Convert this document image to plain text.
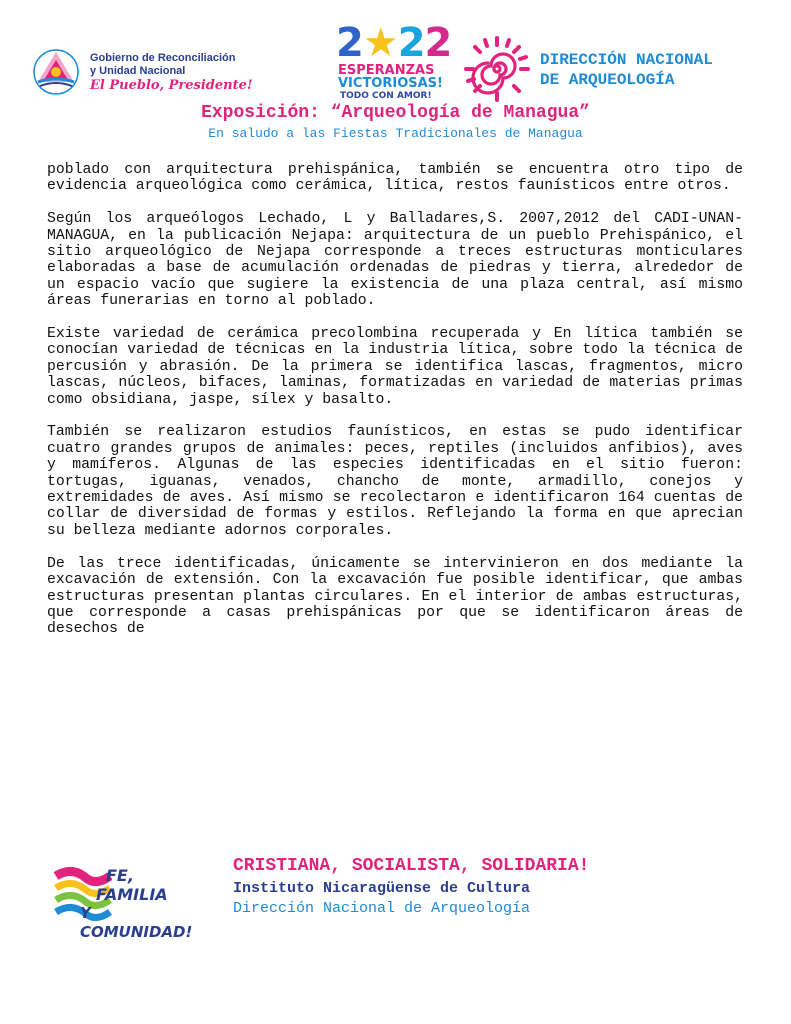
Gobierno de Reconciliación
y Unidad Nacional
El Pueblo, Presidente!
2★22
ESPERANZAS
VICTORIOSAS!
TODO CON AMOR!
DIRECCIÓN NACIONAL
DE ARQUEOLOGÍA
Exposición: “Arqueología de Managua”
En saludo a las Fiestas Tradicionales de Managua

poblado con arquitectura prehispánica, también se encuentra otro tipo de evidencia arqueológica como cerámica, lítica, restos faunísticos entre otros.

Según los arqueólogos Lechado, L y Balladares,S. 2007,2012 del CADI-UNAN-MANAGUA, en la publicación Nejapa: arquitectura de un pueblo Prehispánico, el sitio arqueológico de Nejapa corresponde a treces estructuras monticulares elaboradas a base de acumulación ordenadas de piedras y tierra, alrededor de un espacio vacío que sugiere la existencia de una plaza central, así mismo áreas funerarias en torno al poblado.

Existe variedad de cerámica precolombina recuperada y En lítica también se conocían variedad de técnicas en la industria lítica, sobre todo la técnica de percusión y abrasión. De la primera se identifica lascas, fragmentos, micro lascas, núcleos, bifaces, laminas, formatizadas en variedad de materias primas como obsidiana, jaspe, sílex y basalto.

También se realizaron estudios faunísticos, en estas se pudo identificar cuatro grandes grupos de animales: peces, reptiles (incluidos anfibios), aves y mamíferos. Algunas de las especies identificadas en el sitio fueron: tortugas, iguanas, venados, chancho de monte, armadillo, conejos y extremidades de aves. Así mismo se recolectaron e identificaron 164 cuentas de collar de diversidad de formas y estilos. Reflejando la forma en que aprecian su belleza mediante adornos corporales.

De las trece identificadas, únicamente se intervinieron en dos mediante la excavación de extensión. Con la excavación fue posible identificar, que ambas estructuras presentan plantas circulares. En el interior de ambas estructuras, que corresponde a casas prehispánicas por que se identificaron áreas de desechos de

FE,
FAMILIA
Y COMUNIDAD!
CRISTIANA, SOCIALISTA, SOLIDARIA!
Instituto Nicaragüense de Cultura
Dirección Nacional de Arqueología
